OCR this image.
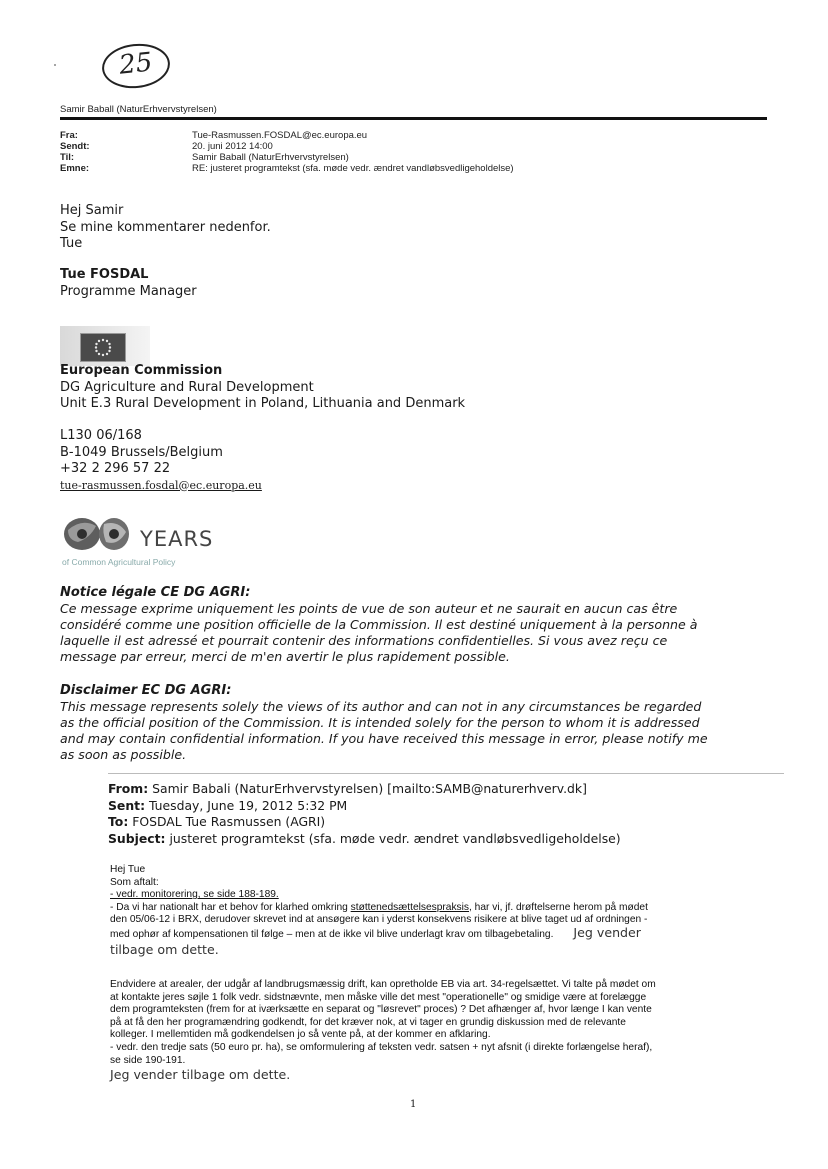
25
Samir Baball (NaturErhvervstyrelsen)
Fra:	Tue-Rasmussen.FOSDAL@ec.europa.eu
Sendt:	20. juni 2012 14:00
Til:	Samir Baball (NaturErhvervstyrelsen)
Emne:	RE: justeret programtekst (sfa. møde vedr. ændret vandløbsvedligeholdelse)
Hej Samir
Se mine kommentarer nedenfor.
Tue
Tue FOSDAL
Programme Manager
European Commission
DG Agriculture and Rural Development
Unit E.3 Rural Development in Poland, Lithuania and Denmark
L130 06/168
B-1049 Brussels/Belgium
+32 2 296 57 22
tue-rasmussen.fosdal@ec.europa.eu
YEARS
of Common Agricultural Policy
Notice légale CE DG AGRI:
Ce message exprime uniquement les points de vue de son auteur et ne saurait en aucun cas être
considéré comme une position officielle de la Commission. Il est destiné uniquement à la personne à
laquelle il est adressé et pourrait contenir des informations confidentielles. Si vous avez reçu ce
message par erreur, merci de m'en avertir le plus rapidement possible.
Disclaimer EC DG AGRI:
This message represents solely the views of its author and can not in any circumstances be regarded
as the official position of the Commission. It is intended solely for the person to whom it is addressed
and may contain confidential information. If you have received this message in error, please notify me
as soon as possible.
From: Samir Babali (NaturErhvervstyrelsen) [mailto:SAMB@naturerhverv.dk]
Sent: Tuesday, June 19, 2012 5:32 PM
To: FOSDAL Tue Rasmussen (AGRI)
Subject: justeret programtekst (sfa. møde vedr. ændret vandløbsvedligeholdelse)
Hej Tue
Som aftalt:
- vedr. monitorering, se side 188-189.
- Da vi har nationalt har et behov for klarhed omkring støttenedsættelsespraksis, har vi, jf. drøftelserne herom på mødet
den 05/06-12 i BRX, derudover skrevet ind at ansøgere kan i yderst konsekvens risikere at blive taget ud af ordningen -
med ophør af kompensationen til følge – men at de ikke vil blive underlagt krav om tilbagebetaling. Jeg vender
tilbage om dette.
Endvidere at arealer, der udgår af landbrugsmæssig drift, kan opretholde EB via art. 34-regelsættet. Vi talte på mødet om
at kontakte jeres søjle 1 folk vedr. sidstnævnte, men måske ville det mest "operationelle" og smidige være at forelægge
dem programteksten (frem for at iværksætte en separat og "løsrevet" proces) ? Det afhænger af, hvor længe I kan vente
på at få den her programændring godkendt, for det kræver nok, at vi tager en grundig diskussion med de relevante
kolleger. I mellemtiden må godkendelsen jo så vente på, at der kommer en afklaring.
- vedr. den tredje sats (50 euro pr. ha), se omformulering af teksten vedr. satsen + nyt afsnit (i direkte forlængelse heraf),
se side 190-191.
Jeg vender tilbage om dette.
1
